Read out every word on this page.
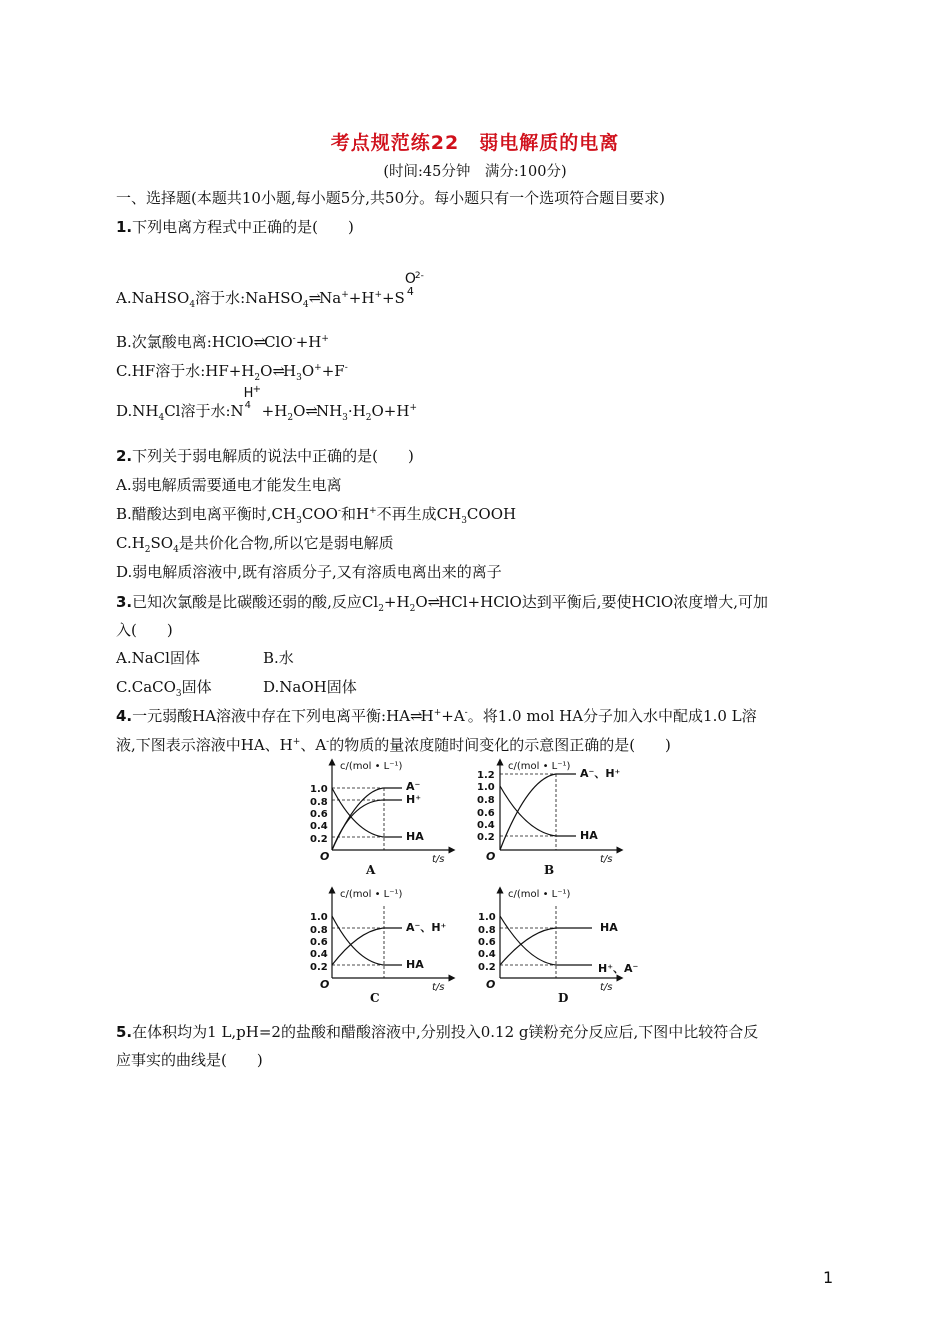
考点规范练22　弱电解质的电离
(时间:45分钟　满分:100分)
一、选择题(本题共10小题,每小题5分,共50分。每小题只有一个选项符合题目要求)
1.下列电离方程式中正确的是(　　)
A.NaHSO$_4$溶于水:NaHSO$_4$⇌Na++H++S
O
2-
4
B.次氯酸电离:HClO⇌ClO-+H+
C.HF溶于水$:HF+H_2O\rightleftharpoons H_3O^++F^-$
$D.NH_4Cl$溶于水:N
H +
$4 +H_2O\rightleftharpoons NH_3\cdot H_2O+H^+$
2.下列关于弱电解质的说法中正确的是(　　)
A.弱电解质需要通电才能发生电离
B.醋酸达到电离平衡时$,CH_3COO^-$和H+不再生成$CH_3COOH$
$C.H_2SO_4$是共价化合物,所以它是弱电解质
D.弱电解质溶液中,既有溶质分子,又有溶质电离出来的离子
3.已知次氯酸是比碳酸还弱的酸,反应$Cl_2+H_2O\rightleftharpoons HCl+HClO$达到平衡后,要使HClO浓度增大,可加
入(　　)
A.NaCl固体	B.水
C.CaCO$_3$固体	D.NaOH固体
4.一元弱酸HA溶液中存在下列电离平衡:HA⇌H++A-。将1.0 mol HA分子加入水中配成1.0 L溶
液,下图表示溶液中HA、H+、A-的物质的量浓度随时间变化的示意图正确的是(　　)
c/(mol • L⁻¹)
t/s
O
1.0
0.8
0.6
0.4
0.2
A⁻
H⁺
HA
A
c/(mol • L⁻¹)
t/s
O
1.2
1.0
0.8
0.6
0.4
0.2
A⁻、H⁺
HA
B
c/(mol • L⁻¹)
t/s
O
1.0
0.8
0.6
0.4
0.2
A⁻、H⁺
HA
C
c/(mol • L⁻¹)
t/s
O
1.0
0.8
0.6
0.4
0.2
HA
H⁺、A⁻
D
5.在体积均为1 L,pH=2的盐酸和醋酸溶液中,分别投入0.12 g镁粉充分反应后,下图中比较符合反
应事实的曲线是(　　)
1
